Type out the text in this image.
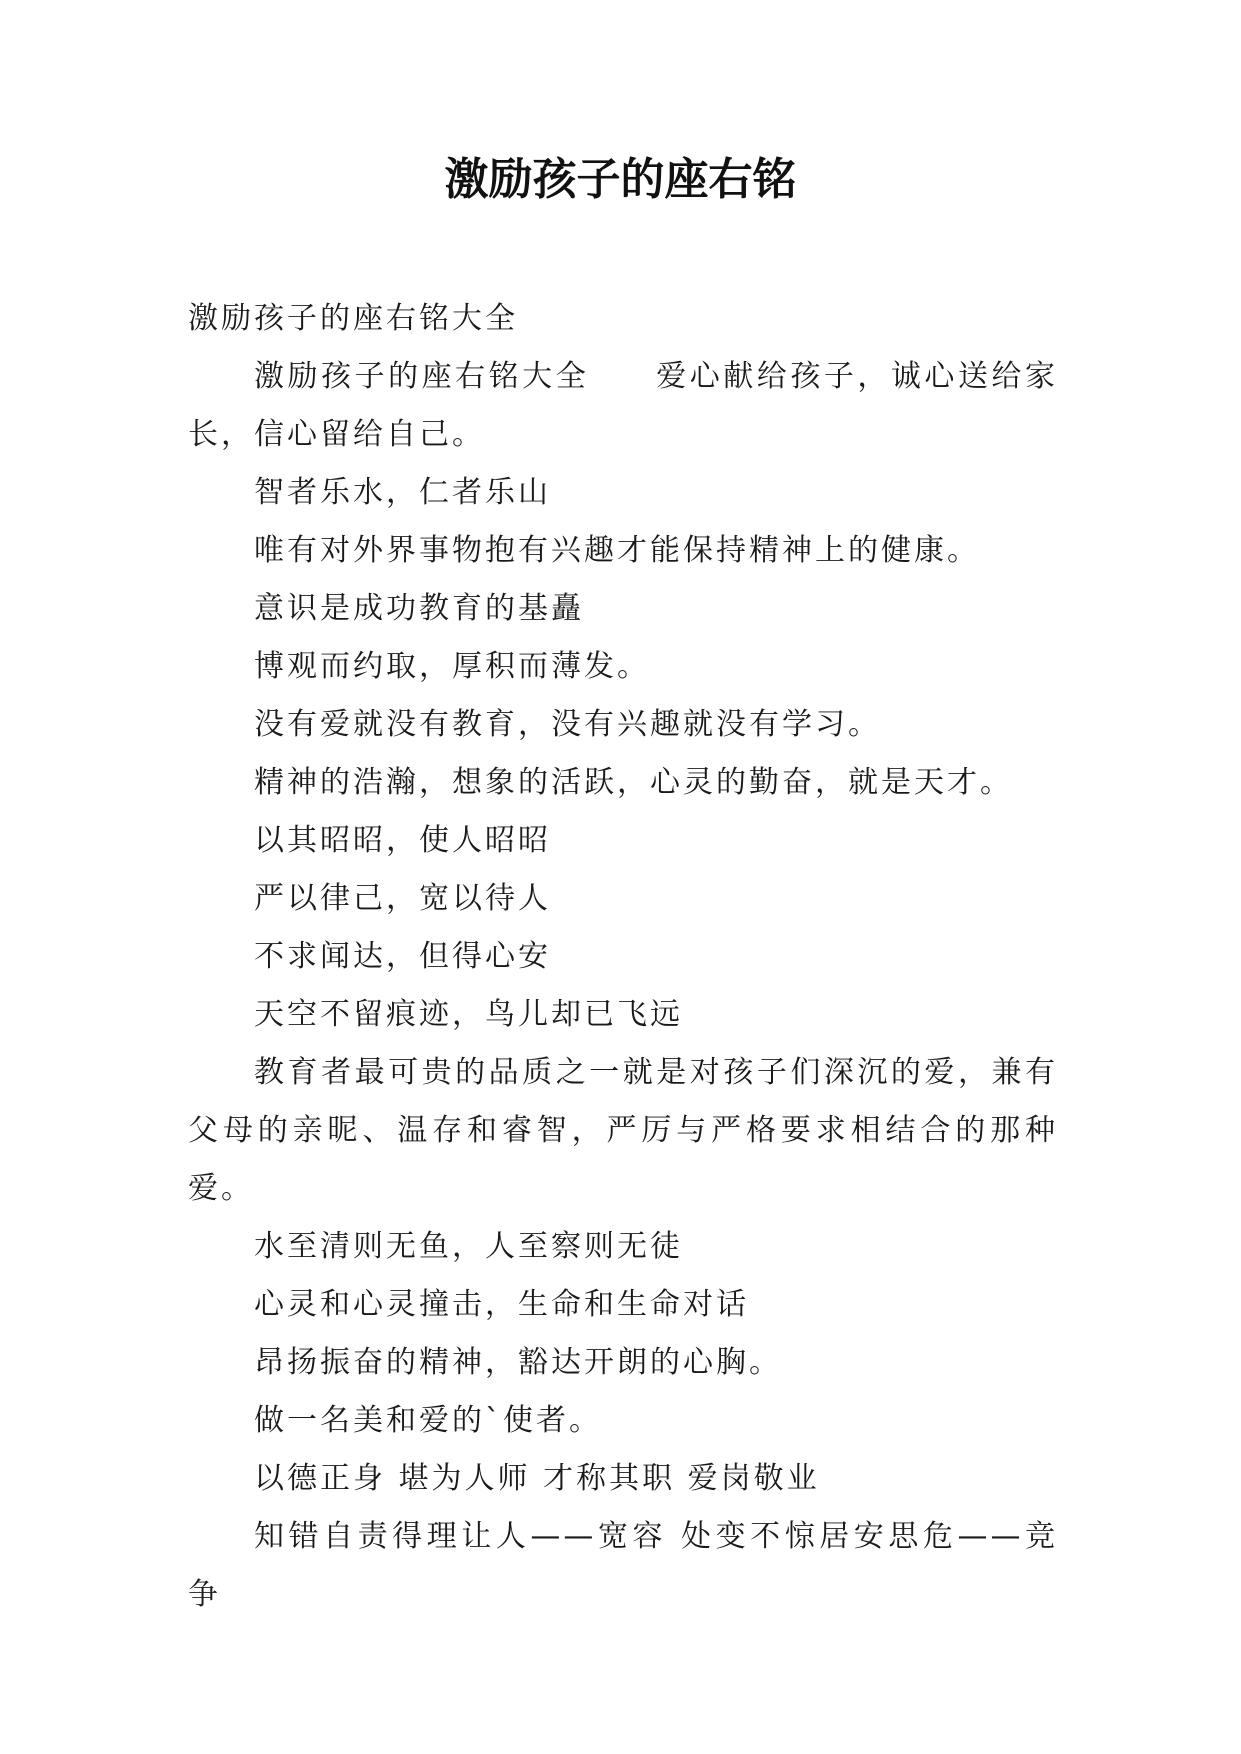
激励孩子的座右铭

激励孩子的座右铭大全

激励孩子的座右铭大全　　爱心献给孩子，诚心送给家长，信心留给自己。

智者乐水，仁者乐山

唯有对外界事物抱有兴趣才能保持精神上的健康。

意识是成功教育的基矗

博观而约取，厚积而薄发。

没有爱就没有教育，没有兴趣就没有学习。

精神的浩瀚，想象的活跃，心灵的勤奋，就是天才。

以其昭昭，使人昭昭

严以律己，宽以待人

不求闻达，但得心安

天空不留痕迹，鸟儿却已飞远

教育者最可贵的品质之一就是对孩子们深沉的爱，兼有父母的亲昵、温存和睿智，严厉与严格要求相结合的那种爱。

水至清则无鱼，人至察则无徒

心灵和心灵撞击，生命和生命对话

昂扬振奋的精神，豁达开朗的心胸。

做一名美和爱的`使者。

以德正身 堪为人师 才称其职 爱岗敬业

知错自责得理让人——宽容 处变不惊居安思危——竞争
